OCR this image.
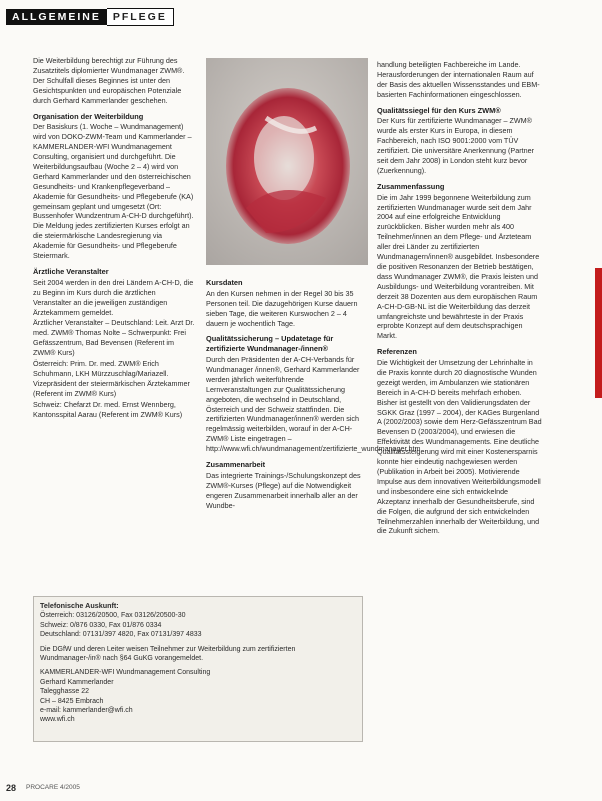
ALLGEMEINE	PFLEGE

Die Weiterbildung berechtigt zur Führung des Zusatztitels diplomierter Wundmanager ZWM®. Der Schulfall dieses Beginnes ist unter den Gesichtspunkten und europäischen Potenziale durch Gerhard Kammerlander geschehen.

Organisation der Weiterbildung

Der Basiskurs (1. Woche – Wundmanagement) wird von DOKO-ZWM-Team und Kammerlander – KAMMERLANDER-WFI Wundmanagement Consulting, organisiert und durchgeführt. Die Weiterbildungsaufbau (Woche 2 – 4) wird von Gerhard Kammerlander und den österreichischen Gesundheits- und Krankenpflegeverband – Akademie für Gesundheits- und Pflegeberufe (KA) gemeinsam geplant und umgesetzt (Ort: Bussenhofer Wundzentrum A-CH-D durchgeführt). Die Meldung jedes zertifizierten Kurses erfolgt an die steiermärkische Landesregierung via Akademie für Gesundheits- und Pflegeberufe Steiermark.

Ärztliche Veranstalter

Seit 2004 werden in den drei Ländern A-CH-D, die zu Beginn im Kurs durch die ärztlichen Veranstalter an die jeweiligen zuständigen Ärztekammern gemeldet.

Ärztlicher Veranstalter – Deutschland: Leit. Arzt Dr. med. ZWM® Thomas Nolte – Schwerpunkt: Frei Gefässzentrum, Bad Bevensen (Referent im ZWM® Kurs)

Österreich: Prim. Dr. med. ZWM® Erich Schuhmann, LKH Mürzzuschlag/Mariazell. Vizepräsident der steiermärkischen Ärztekammer (Referent im ZWM® Kurs)

Schweiz: Chefarzt Dr. med. Ernst Wennberg, Kantonsspital Aarau (Referent im ZWM® Kurs)

Kursdaten

An den Kursen nehmen in der Regel 30 bis 35 Personen teil. Die dazugehörigen Kurse dauern sieben Tage, die weiteren Kurswochen 2 – 4 dauern je wochentlich Tage.

Qualitätssicherung – Updatetage für zertifizierte Wundmanager-/innen®

Durch den Präsidenten der A-CH-Verbands für Wundmanager /innen®, Gerhard Kammerlander werden jährlich weiterführende Lernveranstaltungen zur Qualitätssicherung angeboten, die wechselnd in Deutschland, Österreich und der Schweiz stattfinden. Die zertifizierten Wundmanager/innen® werden sich regelmässig weiterbilden, worauf in der A-CH-ZWM® Liste eingetragen – http://www.wfi.ch/wundmanagement/zertifizierte_wundmanager.htm

Zusammenarbeit

Das integrierte Trainings-/Schulungskonzept des ZWM®-Kurses (Pflege) auf die Notwendigkeit engeren Zusammenarbeit innerhalb aller an der Wundbe-

handlung beteiligten Fachbereiche im Lande. Herausforderungen der internationalen Raum auf der Basis des aktuellen Wissensstandes und EBM-basierten Fachinformationen eingeschlossen.

Qualitätssiegel für den Kurs ZWM®

Der Kurs für zertifizierte Wundmanager – ZWM® wurde als erster Kurs in Europa, in diesem Fachbereich, nach ISO 9001:2000 vom TÜV zertifiziert. Die universitäre Anerkennung (Partner seit dem Jahr 2008) in London steht kurz bevor (Zuerkennung).

Zusammenfassung

Die im Jahr 1999 begonnene Weiterbildung zum zertifizierten Wundmanager wurde seit dem Jahr 2004 auf eine erfolgreiche Entwicklung zurückblicken. Bisher wurden mehr als 400 Teilnehmer/innen an dem Pflege- und Ärzteteam aller drei Länder zu zertifizierten Wundmanagern/innen® ausgebildet. Insbesondere die positiven Resonanzen der Betrieb bestätigen, dass Wundmanager ZWM®, die Praxis leisten und Ausbildungs- und Weiterbildung vorantreiben. Mit derzeit 38 Dozenten aus dem europäischen Raum A-CH-D-GB-NL ist die Weiterbildung das derzeit umfangreichste und bewährteste in der Praxis erprobte Konzept auf dem deutschsprachigen Markt.

Referenzen

Die Wichtigkeit der Umsetzung der Lehrinhalte in die Praxis konnte durch 20 diagnostische Wunden gezeigt werden, im Ambulanzen wie stationären Bereich in A-CH-D bereits mehrfach erhoben. Bisher ist gestellt von den Validierungsdaten der SGKK Graz (1997 – 2004), der KAGes Burgenland A (2002/2003) sowie dem Herz-Gefässzentrum Bad Bevensen D (2003/2004), und erwiesen die Effektivität des Wundmanagements. Eine deutliche Qualitätssteigerung wird mit einer Kostenersparnis konnte hier eindeutig nachgewiesen werden (Publikation in Arbeit bei 2005). Motivierende Impulse aus dem innovativen Weiterbildungsmodell und insbesondere eine sich entwickelnde Akzeptanz innerhalb der Gesundheitsberufe, sind die Folgen, die aufgrund der sich entwickelnden Teilnehmerzahlen innerhalb der Weiterbildung, und die Zukunft sichern.

Telefonische Auskunft:

Österreich: 03126/20500, Fax 03126/20500-30
Schweiz: 0/876 0330, Fax 01/876 0334
Deutschland: 07131/397 4820, Fax 07131/397 4833

Die DGfW und deren Leiter weisen Teilnehmer zur Weiterbildung zum zertifizierten Wundmanager-/in® nach §64 GuKG vorangemeldet.

KAMMERLANDER-WFI Wundmanagement Consulting
Gerhard Kammerlander
Talegghasse 22
CH – 8425 Embrach
e-mail: kammerlander@wfi.ch
www.wfi.ch

28 PROCARE 4/2005
